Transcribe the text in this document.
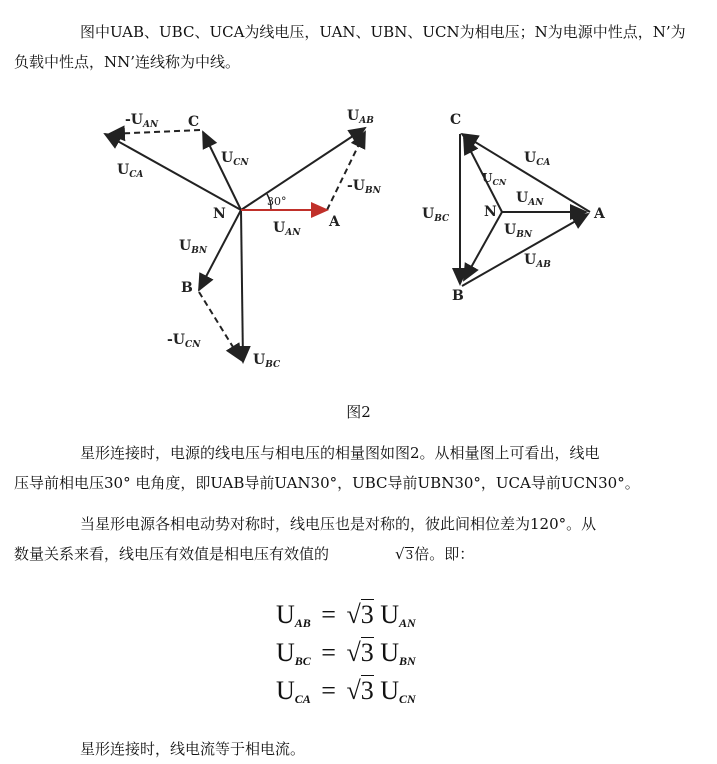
图中UAB、UBC、UCA为线电压，UAN、UBN、UCN为相电压；N为电源中性点，N’为
负载中性点，NN’连线称为中线。
C
N	A
B
30°
$-U_{AN}$
$U_{CA}$
$U_{CN}$
$U_{AB}$
$-U_{BN}$
$U_{AN}$
$U_{BN}$
$-U_{CN}$
$U_{BC}$
C
N	A
B
$U_{CA}$
$U_{CN}$
$U_{AN}$
$U_{BC}$
$U_{BN}$
$U_{AB}$
图2
星形连接时，电源的线电压与相电压的相量图如图2。从相量图上可看出，线电
压导前相电压30° 电角度，即UAB导前UAN30°，UBC导前UBN30°，UCA导前UCN30°。
当星形电源各相电动势对称时，线电压也是对称的，彼此间相位差为120°。从
数量关系来看，线电压有效值是相电压有效值的	√3倍。即：
$U_{AB} = √3$ $U_{AN}$
$U_{BC} = √3$ $U_{BN}$
$U_{CA} = √3$ $U_{CN}$
星形连接时，线电流等于相电流。
